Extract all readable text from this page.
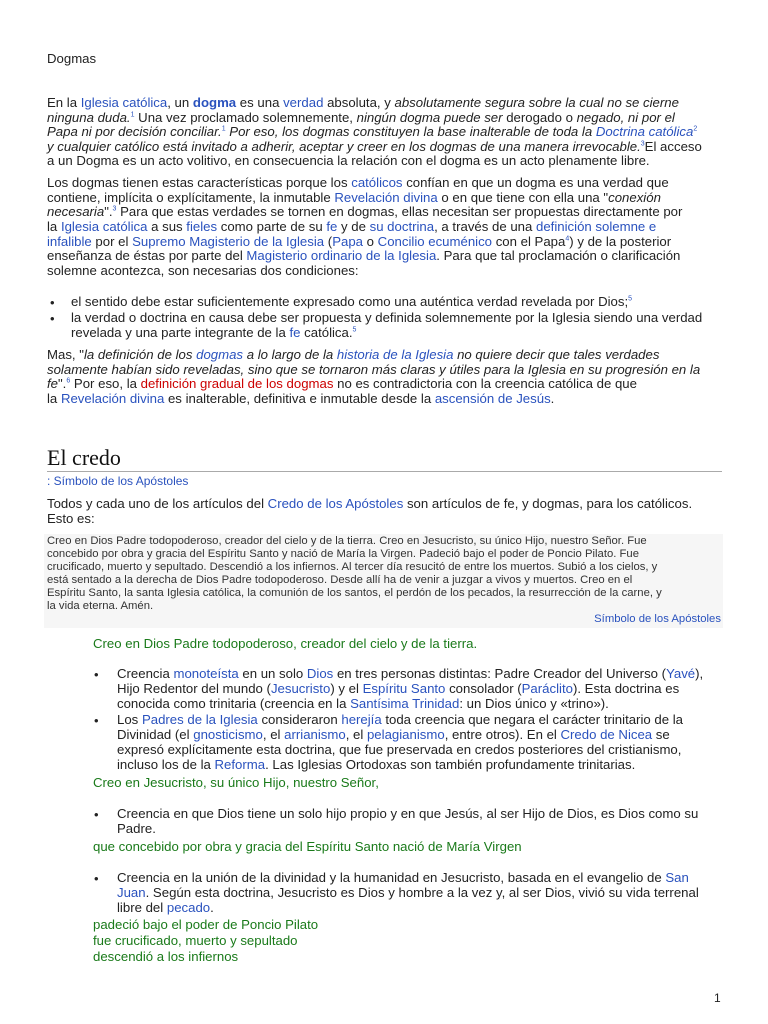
Dogmas
En la Iglesia católica, un dogma es una verdad absoluta, y absolutamente segura sobre la cual no se cierne
ninguna duda.$^1$ Una vez proclamado solemnemente, ningún dogma puede ser derogado o negado, ni por el
Papa ni por decisión conciliar.$^1$ Por eso, los dogmas constituyen la base inalterable de toda la Doctrina católica$^2$
y cualquier católico está invitado a adherir, aceptar y creer en los dogmas de una manera irrevocable.$^3$El acceso
a un Dogma es un acto volitivo, en consecuencia la relación con el dogma es un acto plenamente libre.
Los dogmas tienen estas características porque los católicos confían en que un dogma es una verdad que
contiene, implícita o explícitamente, la inmutable Revelación divina o en que tiene con ella una "conexión
necesaria".$^3$ Para que estas verdades se tornen en dogmas, ellas necesitan ser propuestas directamente por
la Iglesia católica a sus fieles como parte de su fe y de su doctrina, a través de una definición solemne e
infalible por el Supremo Magisterio de la Iglesia (Papa o Concilio ecuménico con el Papa$^4$) y de la posterior
enseñanza de éstas por parte del Magisterio ordinario de la Iglesia. Para que tal proclamación o clarificación
solemne acontezca, son necesarias dos condiciones:
• el sentido debe estar suficientemente expresado como una auténtica verdad revelada por Dios;$^5$
• la verdad o doctrina en causa debe ser propuesta y definida solemnemente por la Iglesia siendo una verdad
revelada y una parte integrante de la fe católica.$^5$
Mas, "la definición de los dogmas a lo largo de la historia de la Iglesia no quiere decir que tales verdades
solamente habían sido reveladas, sino que se tornaron más claras y útiles para la Iglesia en su progresión en la
fe".$^6$ Por eso, la definición gradual de los dogmas no es contradictoria con la creencia católica de que
la Revelación divina es inalterable, definitiva e inmutable desde la ascensión de Jesús.
El credo
: Símbolo de los Apóstoles
Todos y cada uno de los artículos del Credo de los Apóstoles son artículos de fe, y dogmas, para los católicos.
Esto es:
Creo en Dios Padre todopoderoso, creador del cielo y de la tierra. Creo en Jesucristo, su único Hijo, nuestro Señor. Fue
concebido por obra y gracia del Espíritu Santo y nació de María la Virgen. Padeció bajo el poder de Poncio Pilato. Fue
crucificado, muerto y sepultado. Descendió a los infiernos. Al tercer día resucitó de entre los muertos. Subió a los cielos, y
está sentado a la derecha de Dios Padre todopoderoso. Desde allí ha de venir a juzgar a vivos y muertos. Creo en el
Espíritu Santo, la santa Iglesia católica, la comunión de los santos, el perdón de los pecados, la resurrección de la carne, y
la vida eterna. Amén.
Símbolo de los Apóstoles
Creo en Dios Padre todopoderoso, creador del cielo y de la tierra.
• Creencia monoteísta en un solo Dios en tres personas distintas: Padre Creador del Universo (Yavé),
Hijo Redentor del mundo (Jesucristo) y el Espíritu Santo consolador (Paráclito). Esta doctrina es
conocida como trinitaria (creencia en la Santísima Trinidad: un Dios único y «trino»).
• Los Padres de la Iglesia consideraron herejía toda creencia que negara el carácter trinitario de la
Divinidad (el gnosticismo, el arrianismo, el pelagianismo, entre otros). En el Credo de Nicea se
expresó explícitamente esta doctrina, que fue preservada en credos posteriores del cristianismo,
incluso los de la Reforma. Las Iglesias Ortodoxas son también profundamente trinitarias.
Creo en Jesucristo, su único Hijo, nuestro Señor,
• Creencia en que Dios tiene un solo hijo propio y en que Jesús, al ser Hijo de Dios, es Dios como su
Padre.
que concebido por obra y gracia del Espíritu Santo nació de María Virgen
• Creencia en la unión de la divinidad y la humanidad en Jesucristo, basada en el evangelio de San
Juan. Según esta doctrina, Jesucristo es Dios y hombre a la vez y, al ser Dios, vivió su vida terrenal
libre del pecado.
padeció bajo el poder de Poncio Pilato
fue crucificado, muerto y sepultado
descendió a los infiernos
1
